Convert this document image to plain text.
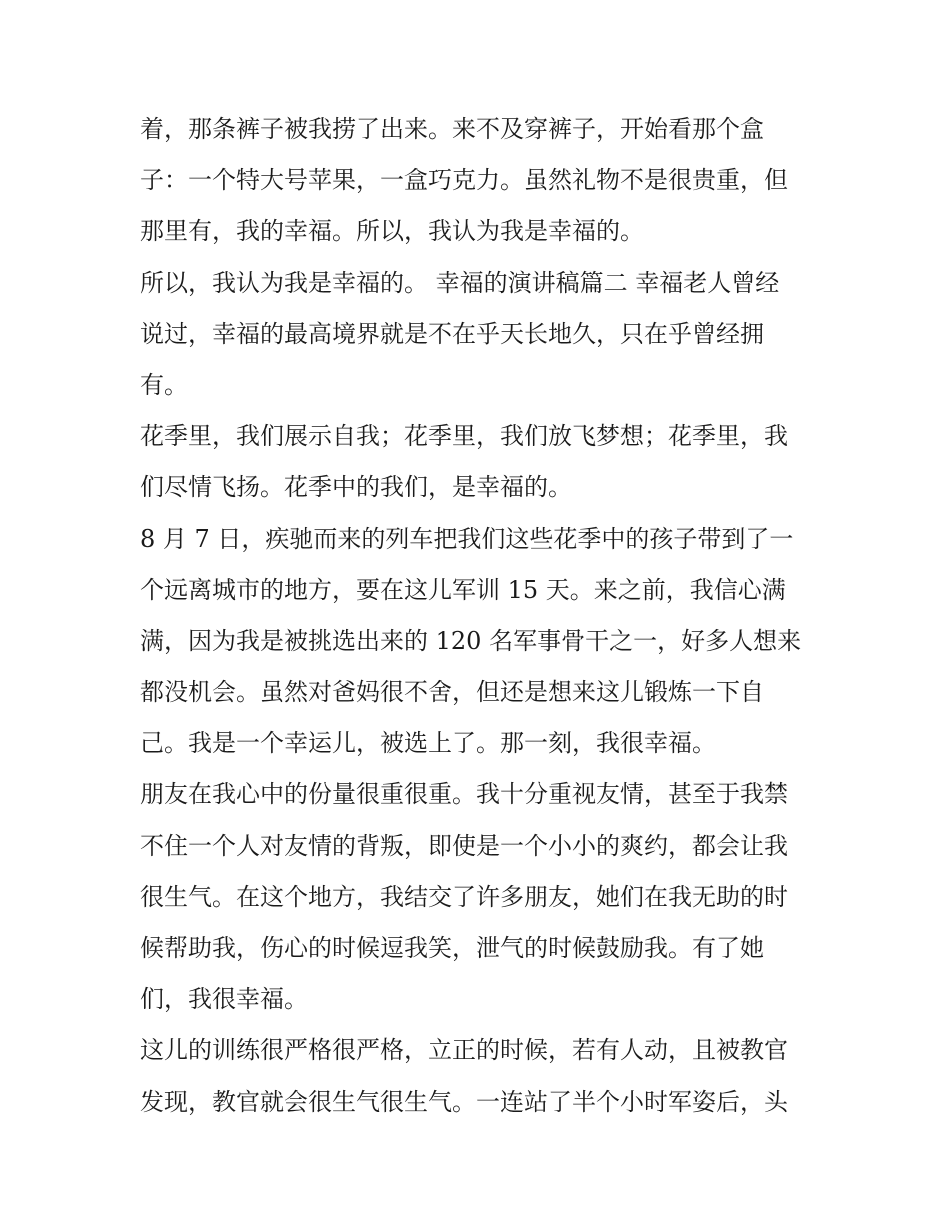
着，那条裤子被我捞了出来。来不及穿裤子，开始看那个盒
子：一个特大号苹果，一盒巧克力。虽然礼物不是很贵重，但
那里有，我的幸福。所以，我认为我是幸福的。

所以，我认为我是幸福的。 幸福的演讲稿篇二 幸福老人曾经
说过，幸福的最高境界就是不在乎天长地久，只在乎曾经拥
有。

花季里，我们展示自我；花季里，我们放飞梦想；花季里，我
们尽情飞扬。花季中的我们，是幸福的。

8 月 7 日，疾驰而来的列车把我们这些花季中的孩子带到了一
个远离城市的地方，要在这儿军训 15 天。来之前，我信心满
满，因为我是被挑选出来的 120 名军事骨干之一，好多人想来
都没机会。虽然对爸妈很不舍，但还是想来这儿锻炼一下自
己。我是一个幸运儿，被选上了。那一刻，我很幸福。

朋友在我心中的份量很重很重。我十分重视友情，甚至于我禁
不住一个人对友情的背叛，即使是一个小小的爽约，都会让我
很生气。在这个地方，我结交了许多朋友，她们在我无助的时
候帮助我，伤心的时候逗我笑，泄气的时候鼓励我。有了她
们，我很幸福。

这儿的训练很严格很严格，立正的时候，若有人动，且被教官
发现，教官就会很生气很生气。一连站了半个小时军姿后，头
